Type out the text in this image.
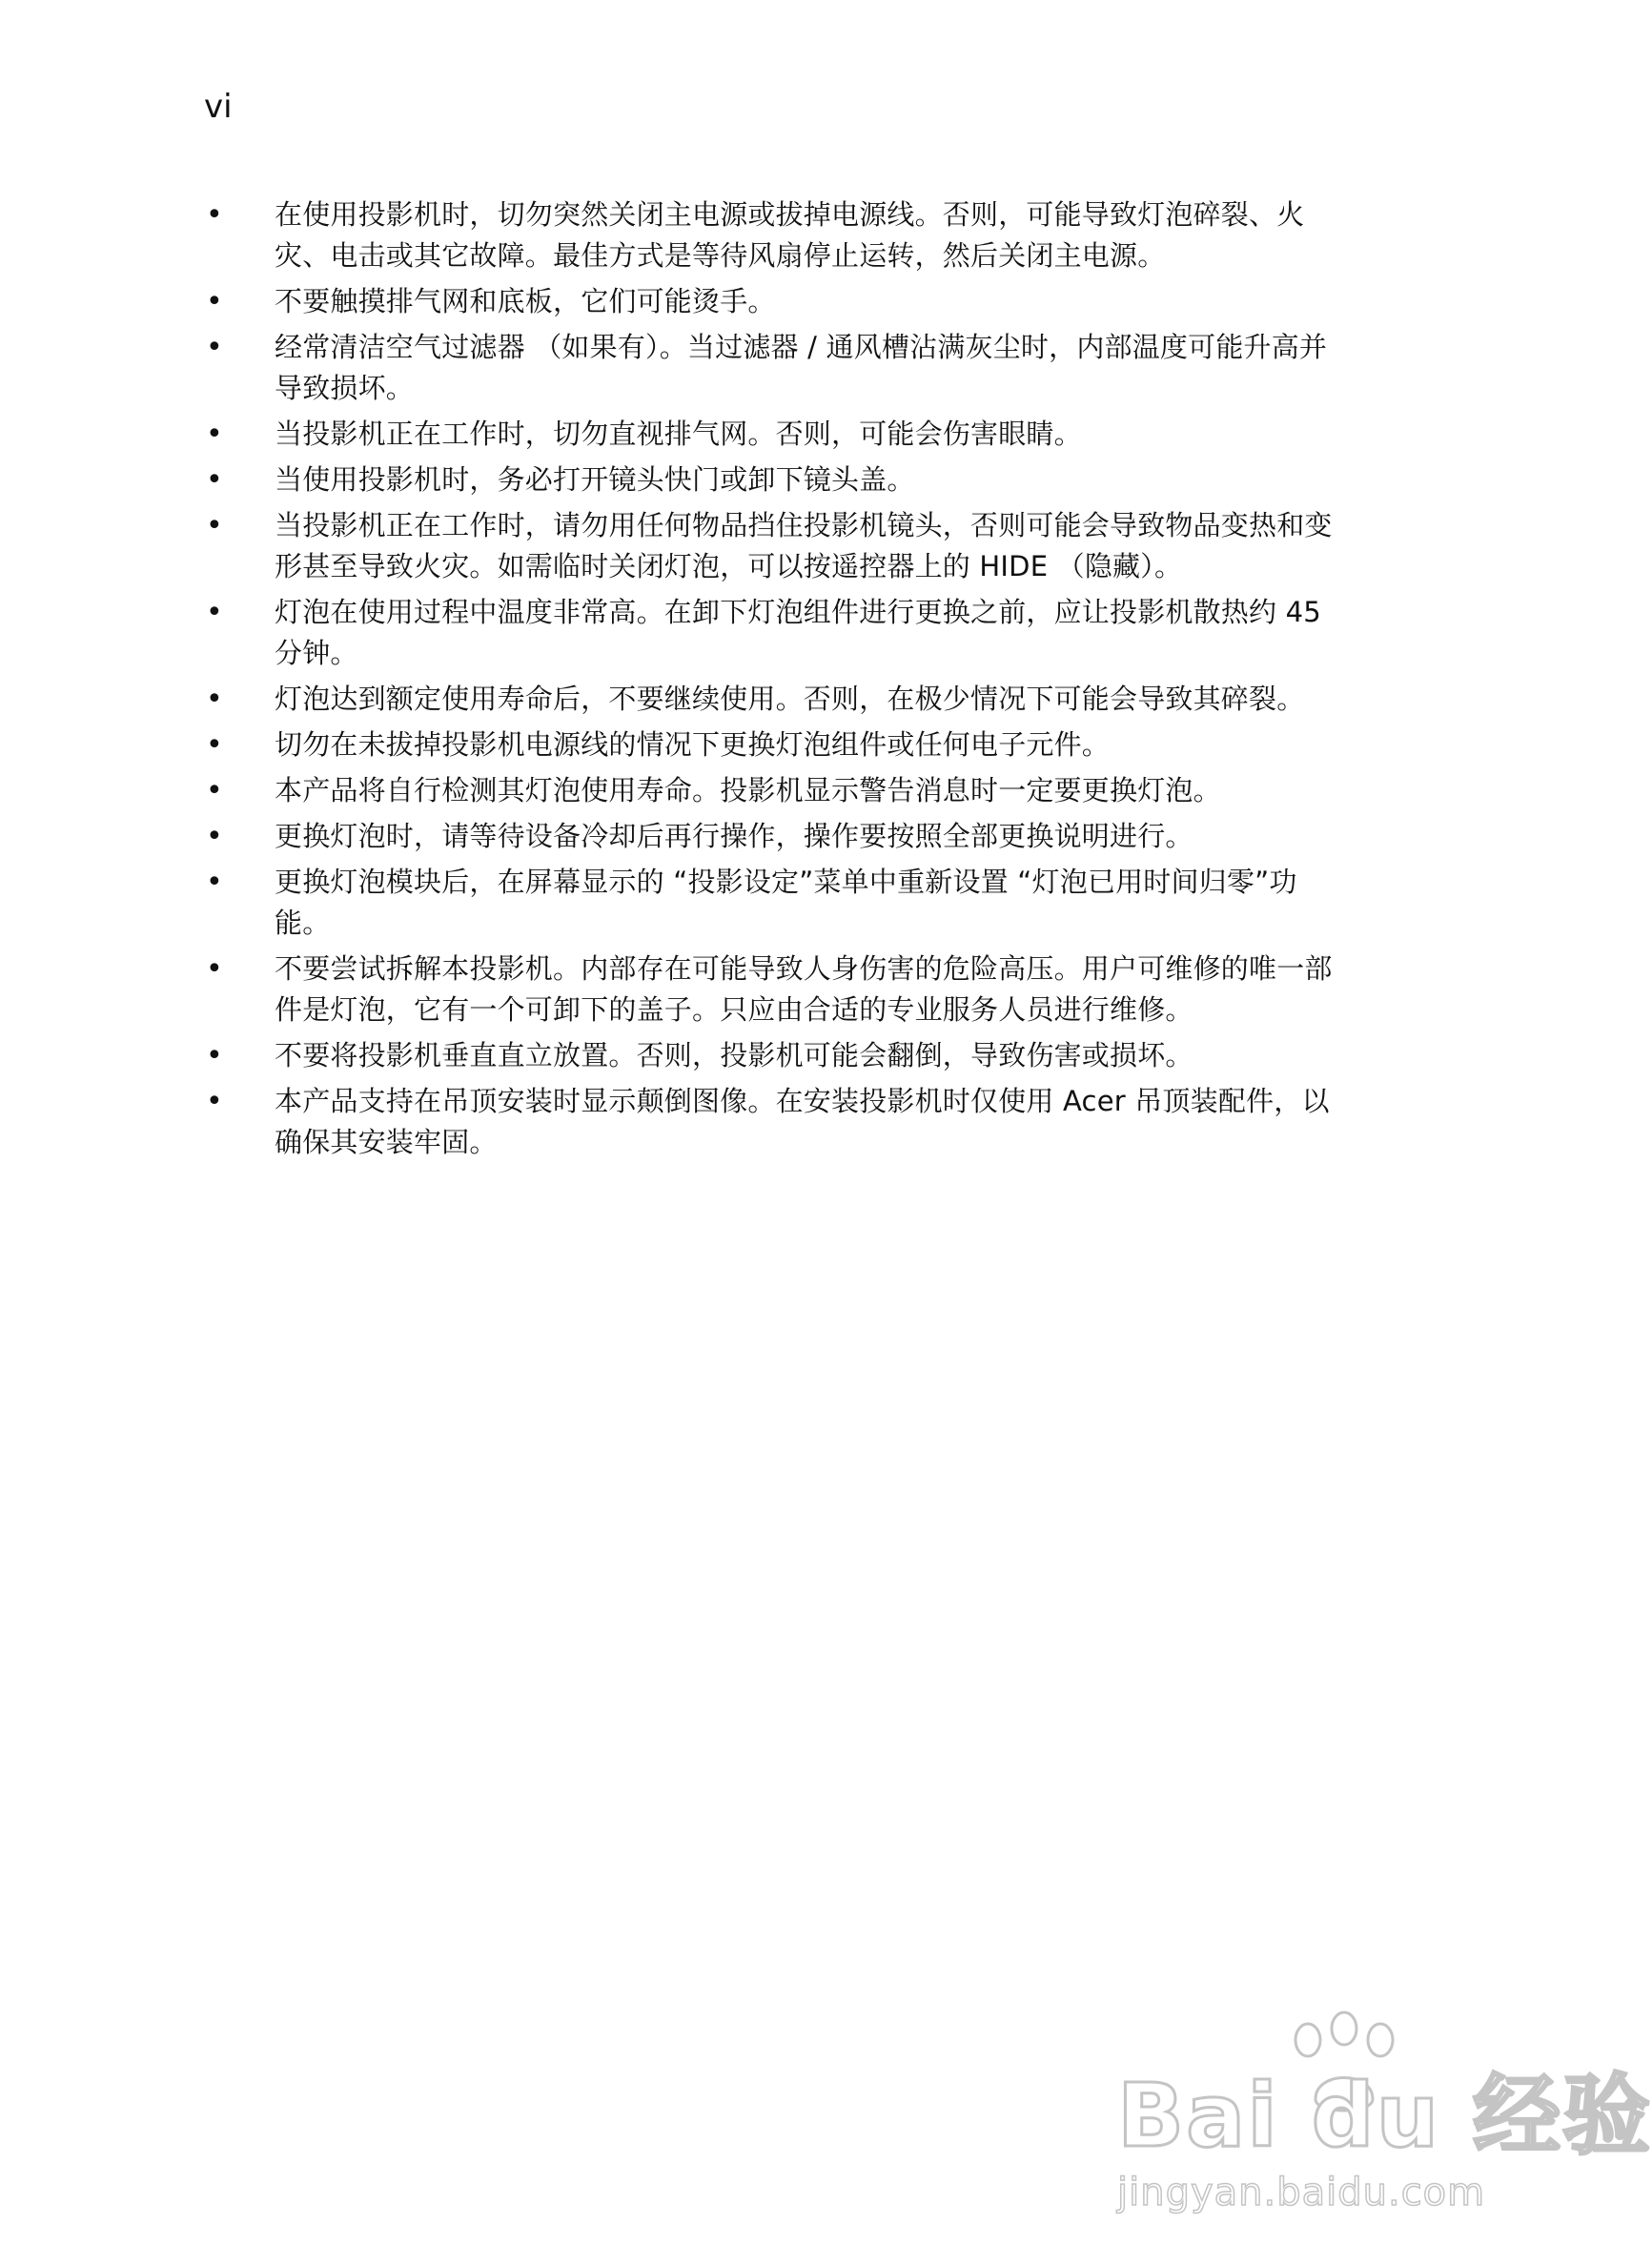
vi
• 在使用投影机时，切勿突然关闭主电源或拔掉电源线。否则，可能导致灯泡碎裂、火灾、电击或其它故障。最佳方式是等待风扇停止运转，然后关闭主电源。
• 不要触摸排气网和底板，它们可能烫手。
• 经常清洁空气过滤器 （如果有）。当过滤器 / 通风槽沾满灰尘时，内部温度可能升高并导致损坏。
• 当投影机正在工作时，切勿直视排气网。否则，可能会伤害眼睛。
• 当使用投影机时，务必打开镜头快门或卸下镜头盖。
• 当投影机正在工作时，请勿用任何物品挡住投影机镜头，否则可能会导致物品变热和变形甚至导致火灾。如需临时关闭灯泡，可以按遥控器上的 HIDE （隐藏）。
• 灯泡在使用过程中温度非常高。在卸下灯泡组件进行更换之前，应让投影机散热约 45 分钟。
• 灯泡达到额定使用寿命后，不要继续使用。否则，在极少情况下可能会导致其碎裂。
• 切勿在未拔掉投影机电源线的情况下更换灯泡组件或任何电子元件。
• 本产品将自行检测其灯泡使用寿命。投影机显示警告消息时一定要更换灯泡。
• 更换灯泡时，请等待设备冷却后再行操作，操作要按照全部更换说明进行。
• 更换灯泡模块后，在屏幕显示的 “投影设定”菜单中重新设置 “灯泡已用时间归零”功能。
• 不要尝试拆解本投影机。内部存在可能导致人身伤害的危险高压。用户可维修的唯一部件是灯泡，它有一个可卸下的盖子。只应由合适的专业服务人员进行维修。
• 不要将投影机垂直直立放置。否则，投影机可能会翻倒，导致伤害或损坏。
• 本产品支持在吊顶安装时显示颠倒图像。在安装投影机时仅使用 Acer 吊顶装配件，以确保其安装牢固。
Bai du 经验
jingyan.baidu.com
